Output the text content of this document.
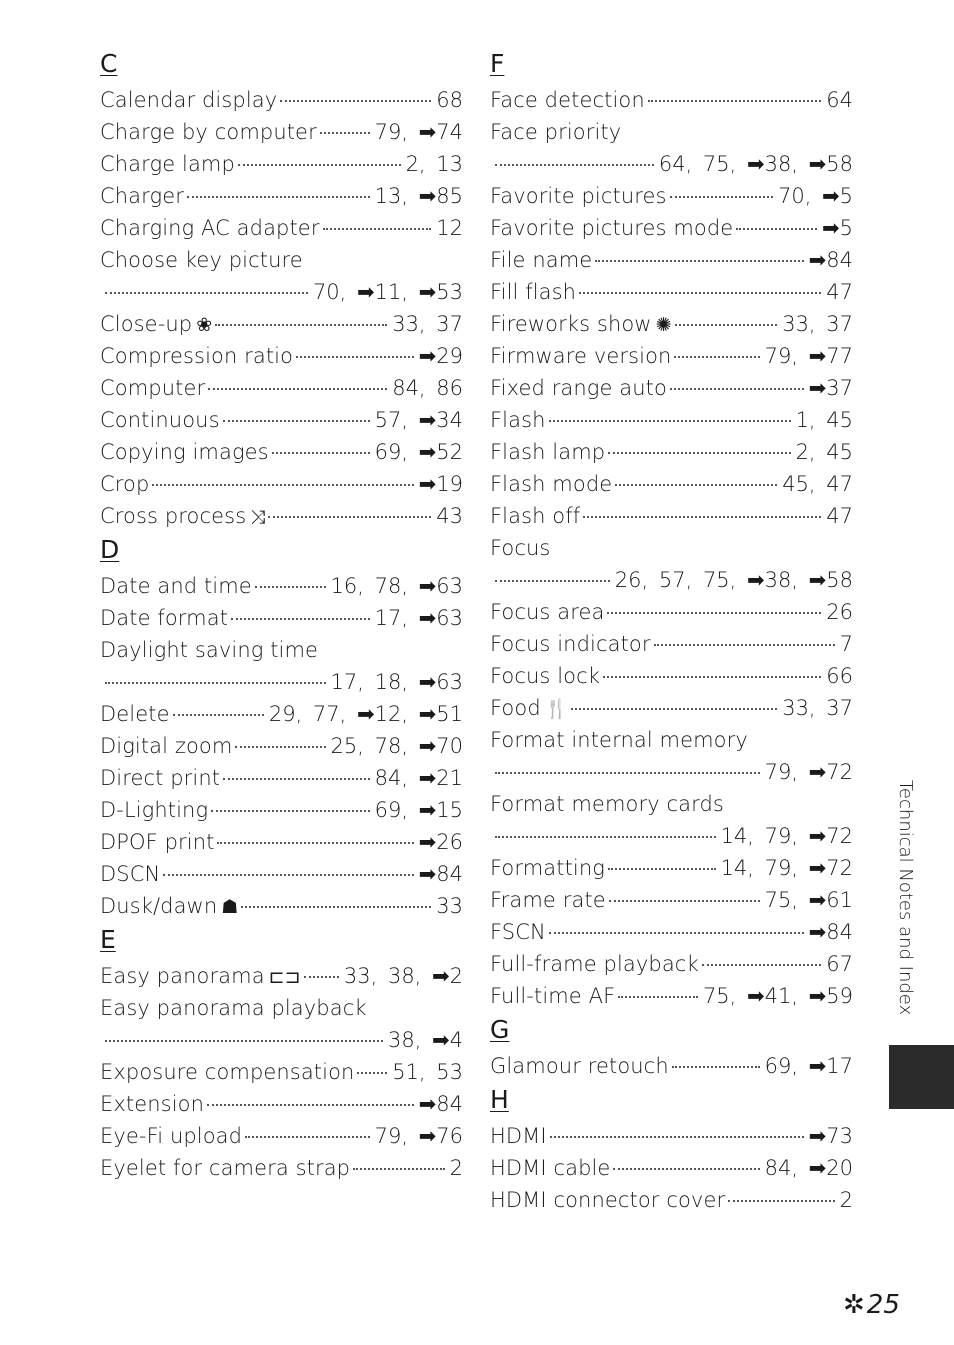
C
Calendar display	68
Charge by computer	79, ➡74
Charge lamp	2, 13
Charger	13, ➡85
Charging AC adapter	12
Choose key picture
70, ➡11, ➡53
Close-up ❀	33, 37
Compression ratio	➡29
Computer	84, 86
Continuous	57, ➡34
Copying images	69, ➡52
Crop	➡19
Cross process ⤨	43
D
Date and time	16, 78, ➡63
Date format	17, ➡63
Daylight saving time
17, 18, ➡63
Delete	29, 77, ➡12, ➡51
Digital zoom	25, 78, ➡70
Direct print	84, ➡21
D-Lighting	69, ➡15
DPOF print	➡26
DSCN	➡84
Dusk/dawn ☗	33
E
Easy panorama ⊏⊐ 33, 38, ➡2
Easy panorama playback
38, ➡4
Exposure compensation 51, 53
Extension	➡84
Eye-Fi upload	79, ➡76
Eyelet for camera strap	2
F
Face detection	64
Face priority
64, 75, ➡38, ➡58
Favorite pictures	70, ➡5
Favorite pictures mode	➡5
File name	➡84
Fill flash	47
Fireworks show ✺	33, 37
Firmware version	79, ➡77
Fixed range auto	➡37
Flash	1, 45
Flash lamp	2, 45
Flash mode	45, 47
Flash off	47
Focus
26, 57, 75, ➡38, ➡58
Focus area	26
Focus indicator	7
Focus lock	66
Food 🍴	33, 37
Format internal memory
79, ➡72
Format memory cards
14, 79, ➡72
Formatting	14, 79, ➡72
Frame rate	75, ➡61
FSCN	➡84
Full-frame playback	67
Full-time AF	75, ➡41, ➡59
G
Glamour retouch	69, ➡17
H
HDMI	➡73
HDMI cable	84, ➡20
HDMI connector cover	2
Technical Notes and Index
✲25
